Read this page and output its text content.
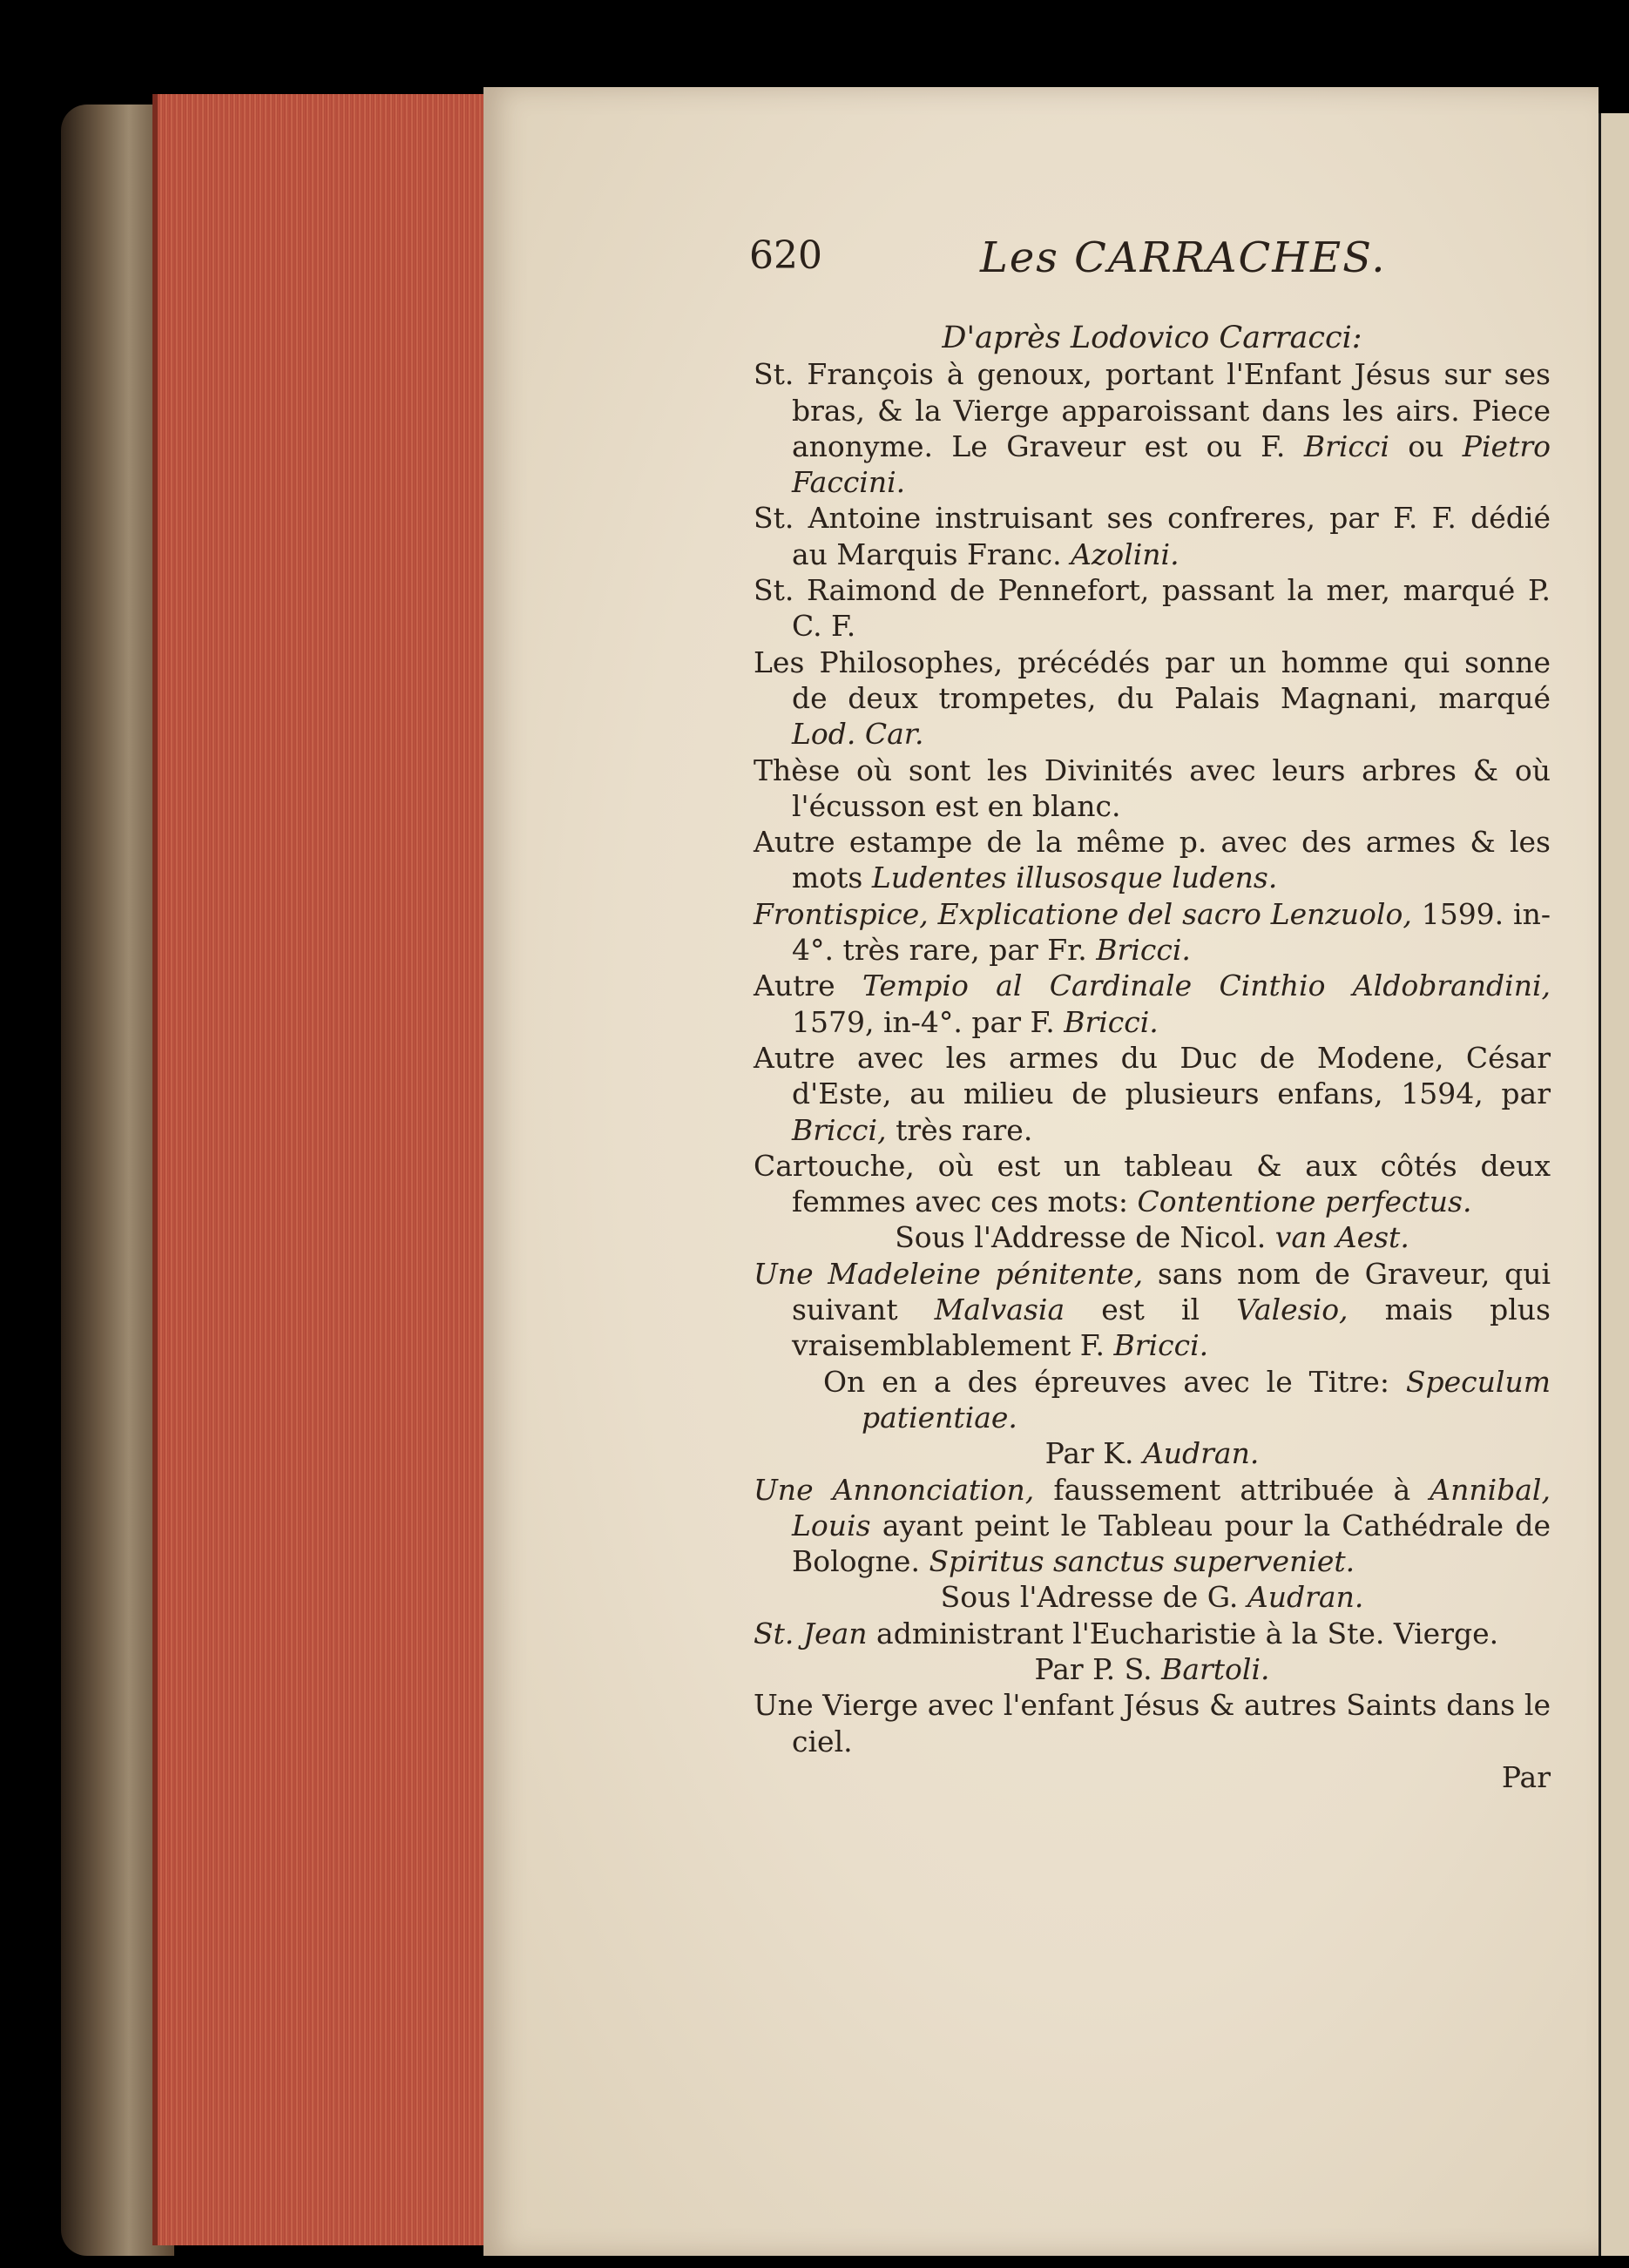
620	Les CARRACHES.
D'après Lodovico Carracci:
St. François à genoux, portant l'Enfant Jésus sur ses bras, & la Vierge apparoissant dans les airs. Piece anonyme. Le Graveur est ou F. Bricci ou Pietro Faccini.
St. Antoine instruisant ses confreres, par F. F. dédié au Marquis Franc. Azolini.
St. Raimond de Pennefort, passant la mer, marqué P. C. F.
Les Philosophes, précédés par un homme qui sonne de deux trompetes, du Palais Magnani, marqué Lod. Car.
Thèse où sont les Divinités avec leurs arbres & où l'écusson est en blanc.
Autre estampe de la même p. avec des armes & les mots Ludentes illusosque ludens.
Frontispice, Explicatione del sacro Lenzuolo, 1599. in-4°. très rare, par Fr. Bricci.
Autre Tempio al Cardinale Cinthio Aldobrandini, 1579, in-4°. par F. Bricci.
Autre avec les armes du Duc de Modene, César d'Este, au milieu de plusieurs enfans, 1594, par Bricci, très rare.
Cartouche, où est un tableau & aux côtés deux femmes avec ces mots: Contentione perfectus.
Sous l'Addresse de Nicol. van Aest.
Une Madeleine pénitente, sans nom de Graveur, qui suivant Malvasia est il Valesio, mais plus vraisemblablement F. Bricci.
On en a des épreuves avec le Titre: Speculum patientiae.
Par K. Audran.
Une Annonciation, faussement attribuée à Annibal, Louis ayant peint le Tableau pour la Cathédrale de Bologne. Spiritus sanctus superveniet.
Sous l'Adresse de G. Audran.
St. Jean administrant l'Eucharistie à la Ste. Vierge.
Par P. S. Bartoli.
Une Vierge avec l'enfant Jésus & autres Saints dans le ciel.
Par
